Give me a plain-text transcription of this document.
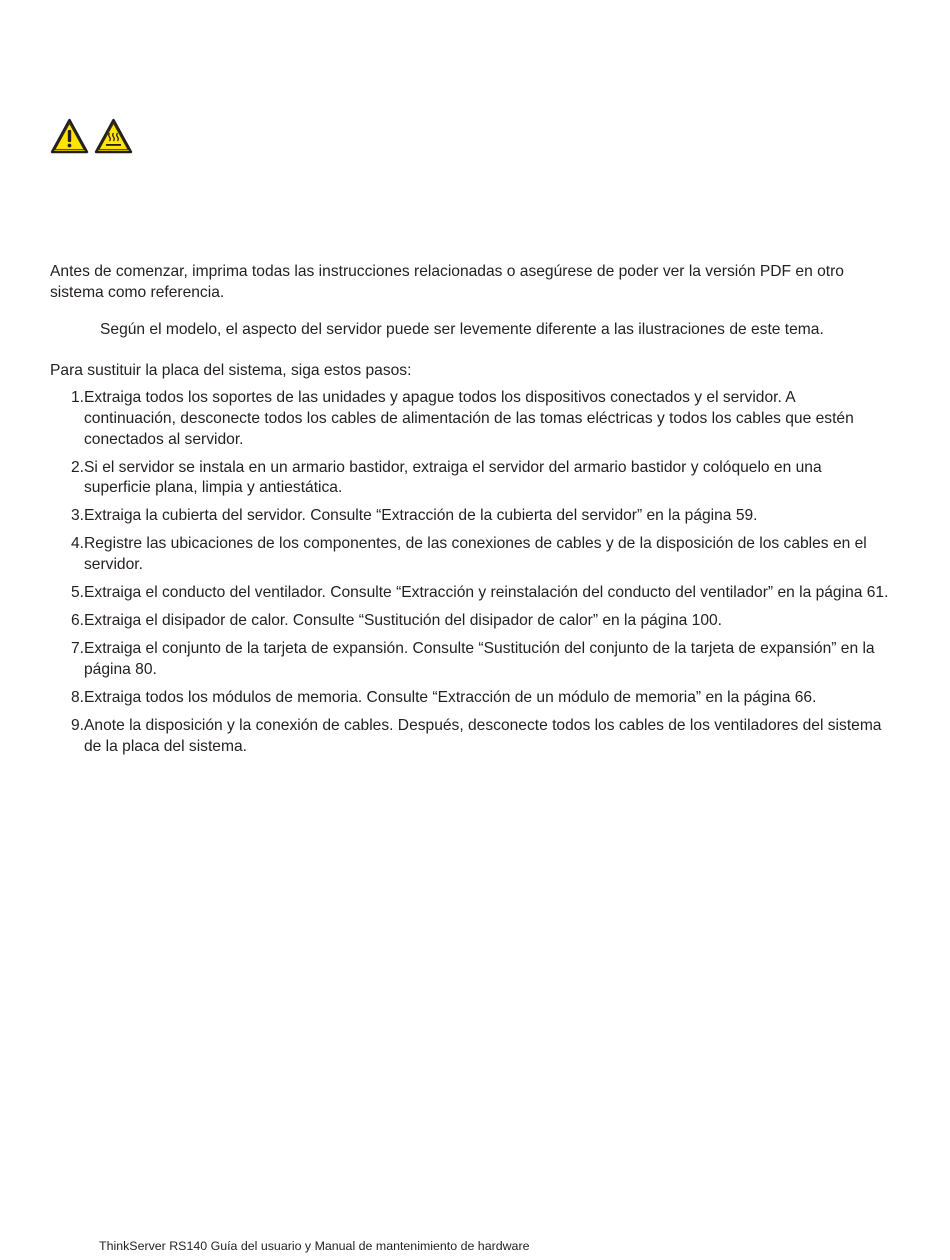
Antes de comenzar, imprima todas las instrucciones relacionadas o asegúrese de poder ver la versión PDF en otro sistema como referencia.

Según el modelo, el aspecto del servidor puede ser levemente diferente a las ilustraciones de este tema.

Para sustituir la placa del sistema, siga estos pasos:

1. Extraiga todos los soportes de las unidades y apague todos los dispositivos conectados y el servidor. A continuación, desconecte todos los cables de alimentación de las tomas eléctricas y todos los cables que estén conectados al servidor.
2. Si el servidor se instala en un armario bastidor, extraiga el servidor del armario bastidor y colóquelo en una superficie plana, limpia y antiestática.
3. Extraiga la cubierta del servidor. Consulte “Extracción de la cubierta del servidor” en la página 59.
4. Registre las ubicaciones de los componentes, de las conexiones de cables y de la disposición de los cables en el servidor.
5. Extraiga el conducto del ventilador. Consulte “Extracción y reinstalación del conducto del ventilador” en la página 61.
6. Extraiga el disipador de calor. Consulte “Sustitución del disipador de calor” en la página 100.
7. Extraiga el conjunto de la tarjeta de expansión. Consulte “Sustitución del conjunto de la tarjeta de expansión” en la página 80.
8. Extraiga todos los módulos de memoria. Consulte “Extracción de un módulo de memoria” en la página 66.
9. Anote la disposición y la conexión de cables. Después, desconecte todos los cables de los ventiladores del sistema de la placa del sistema.
ThinkServer RS140 Guía del usuario y Manual de mantenimiento de hardware
